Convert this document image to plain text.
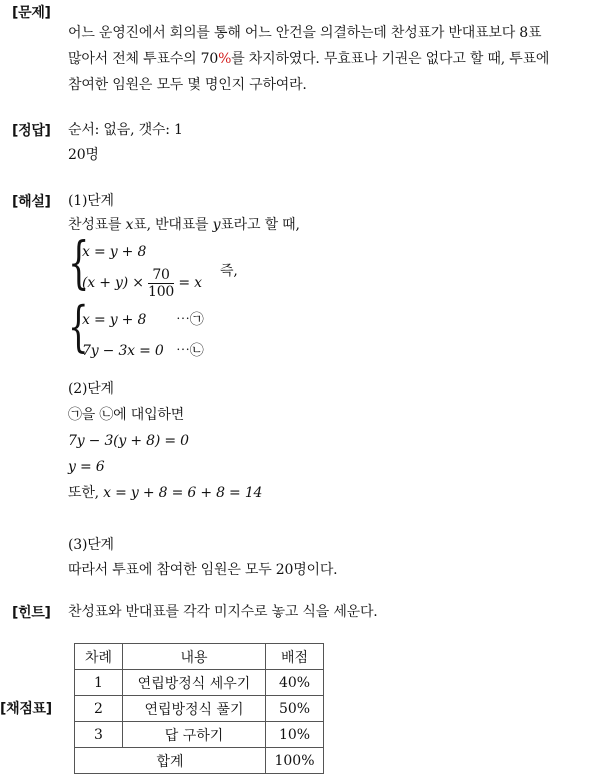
[문제]
어느 운영진에서 회의를 통해 어느 안건을 의결하는데 찬성표가 반대표보다 8표
많아서 전체 투표수의 70%를 차지하였다. 무효표나 기권은 없다고 할 때, 투표에
참여한 임원은 모두 몇 명인지 구하여라.
[정답] 순서: 없음, 갯수: 1
20명
[해설] (1)단계
찬성표를 x표, 반대표를 y표라고 할 때,
{
x = y + 8
$(x + y) \times \frac{70}{100} = x$
즉,
{
x = y + 8 ⋯㉠
7y − 3x = 0 ⋯㉡
(2)단계
㉠을 ㉡에 대입하면
7y − 3(y + 8) = 0
y = 6
또한, x = y + 8 = 6 + 8 = 14
(3)단계
따라서 투표에 참여한 임원은 모두 20명이다.
[힌트] 찬성표와 반대표를 각각 미지수로 놓고 식을 세운다.
[채점표]
차례	내용	배점
1	연립방정식 세우기	40%
2	연립방정식 풀기	50%
3	답 구하기	10%
합계		100%
